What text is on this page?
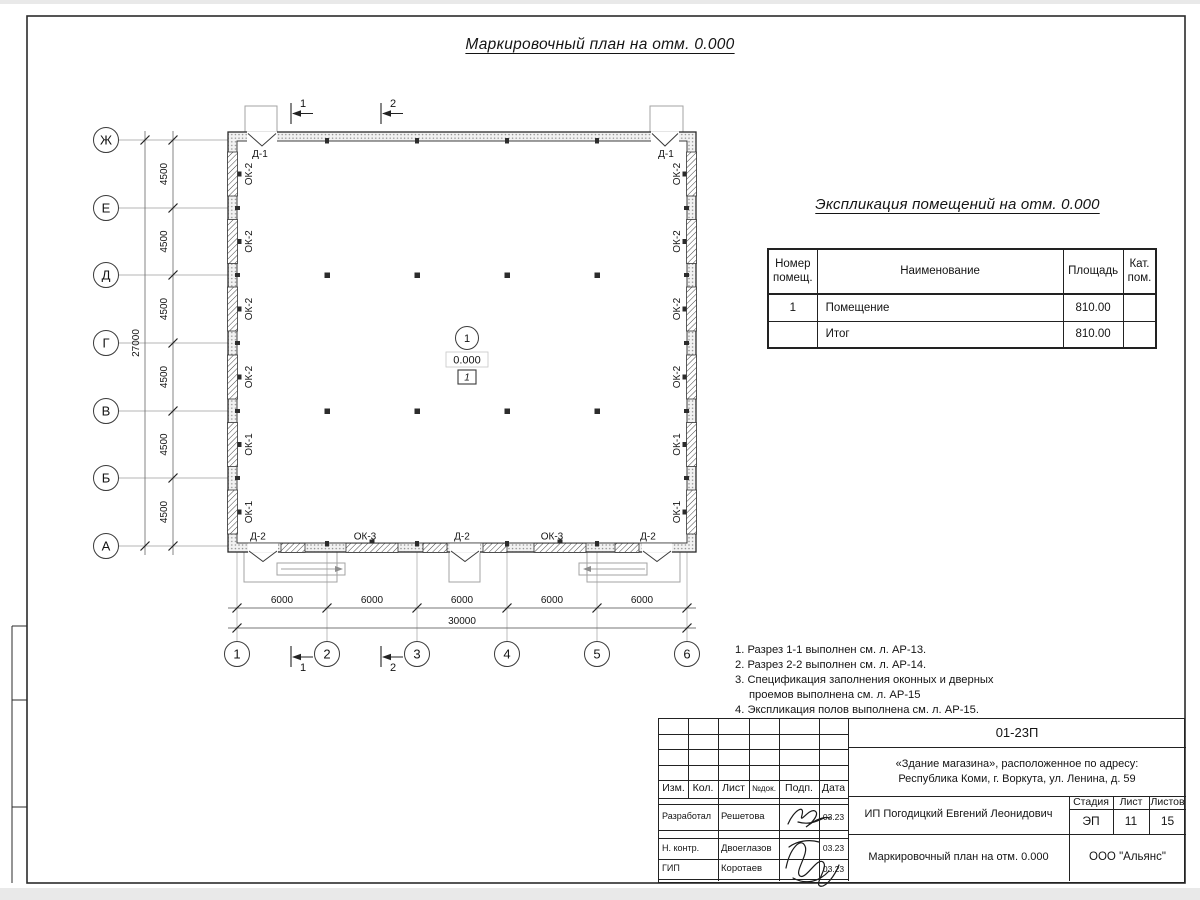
4500
4500
4500
4500
4500
4500
27000
6000	6000	6000	6000	6000
30000
Ж
Е
Д
Г
В
Б
А
1	2	3	4	5	6
ОК-2
ОК-2
ОК-2
ОК-2
ОК-1
ОК-1
ОК-2
ОК-2
ОК-2
ОК-2
ОК-1
ОК-1
Д-1	Д-1
Д-2	ОК-3	Д-2	ОК-3	Д-2
1	2
1	2
1
0.000
1
Маркировочный план на отм. 0.000
Экспликация помещений на отм. 0.000
Номер помещ.	Наименование	Площадь	Кат. пом.
1	Помещение	810.00	
	Итог	810.00	
1. Разрез 1-1 выполнен см. л. АР-13.
2. Разрез 2-2 выполнен см. л. АР-14.
3. Спецификация заполнения оконных и дверных проемов выполнена см. л. АР-15
4. Экспликация полов выполнена см. л. АР-15.
Изм. Кол. Лист №док. Подп. Дата
Разработал	Решетова	03.23
Н. контр.	Двоеглазов	03.23
ГИП	Коротаев	03.23
01-23П
«Здание магазина», расположенное по адресу:
Республика Коми, г. Воркута, ул. Ленина, д. 59
ИП Погодицкий Евгений Леонидович
Маркировочный план на отм. 0.000
Стадия	Лист Листов
ЭП	11	15
ООО "Альянс"
